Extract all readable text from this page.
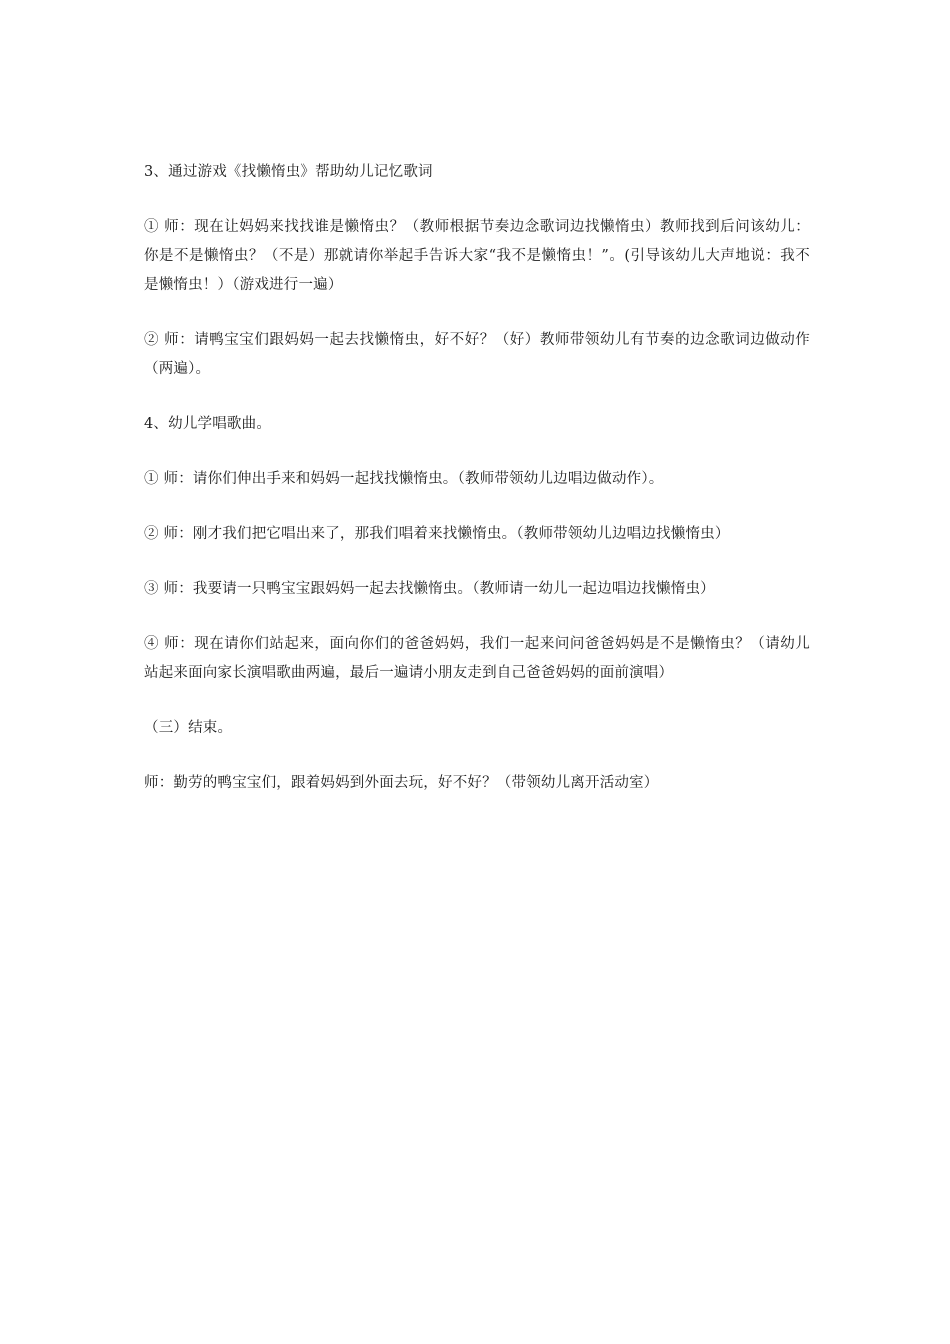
3、通过游戏《找懒惰虫》帮助幼儿记忆歌词

① 师：现在让妈妈来找找谁是懒惰虫？（教师根据节奏边念歌词边找懒惰虫）教师找到后问该幼儿：你是不是懒惰虫？（不是）那就请你举起手告诉大家“我不是懒惰虫！”。(引导该幼儿大声地说：我不是懒惰虫！）（游戏进行一遍）

② 师：请鸭宝宝们跟妈妈一起去找懒惰虫，好不好？（好）教师带领幼儿有节奏的边念歌词边做动作（两遍）。

4、幼儿学唱歌曲。

① 师：请你们伸出手来和妈妈一起找找懒惰虫。（教师带领幼儿边唱边做动作）。

② 师：刚才我们把它唱出来了，那我们唱着来找懒惰虫。（教师带领幼儿边唱边找懒惰虫）

③ 师：我要请一只鸭宝宝跟妈妈一起去找懒惰虫。（教师请一幼儿一起边唱边找懒惰虫）

④ 师：现在请你们站起来，面向你们的爸爸妈妈，我们一起来问问爸爸妈妈是不是懒惰虫？（请幼儿站起来面向家长演唱歌曲两遍，最后一遍请小朋友走到自己爸爸妈妈的面前演唱）

（三）结束。

师：勤劳的鸭宝宝们，跟着妈妈到外面去玩，好不好？（带领幼儿离开活动室）
